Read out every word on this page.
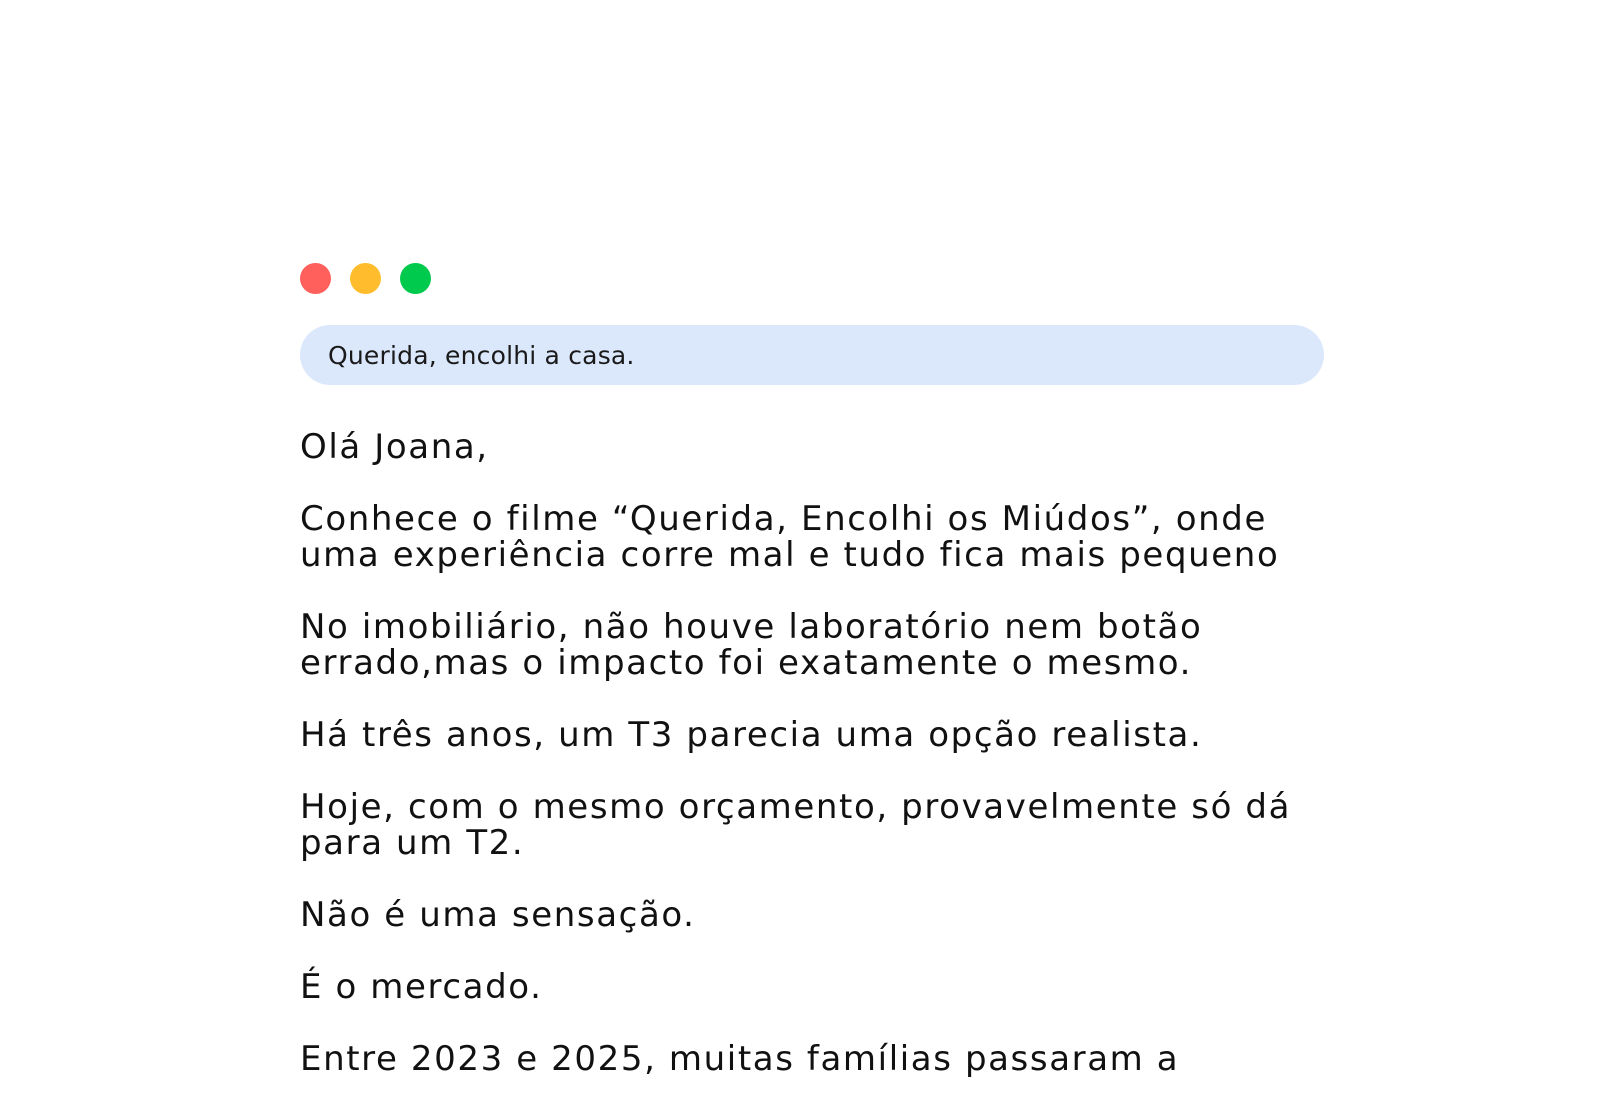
Querida, encolhi a casa.

Olá Joana,

Conhece o filme “Querida, Encolhi os Miúdos”, onde
uma experiência corre mal e tudo fica mais pequeno

No imobiliário, não houve laboratório nem botão
errado,mas o impacto foi exatamente o mesmo.

Há três anos, um T3 parecia uma opção realista.

Hoje, com o mesmo orçamento, provavelmente só dá
para um T2.

Não é uma sensação.

É o mercado.

Entre 2023 e 2025, muitas famílias passaram a
